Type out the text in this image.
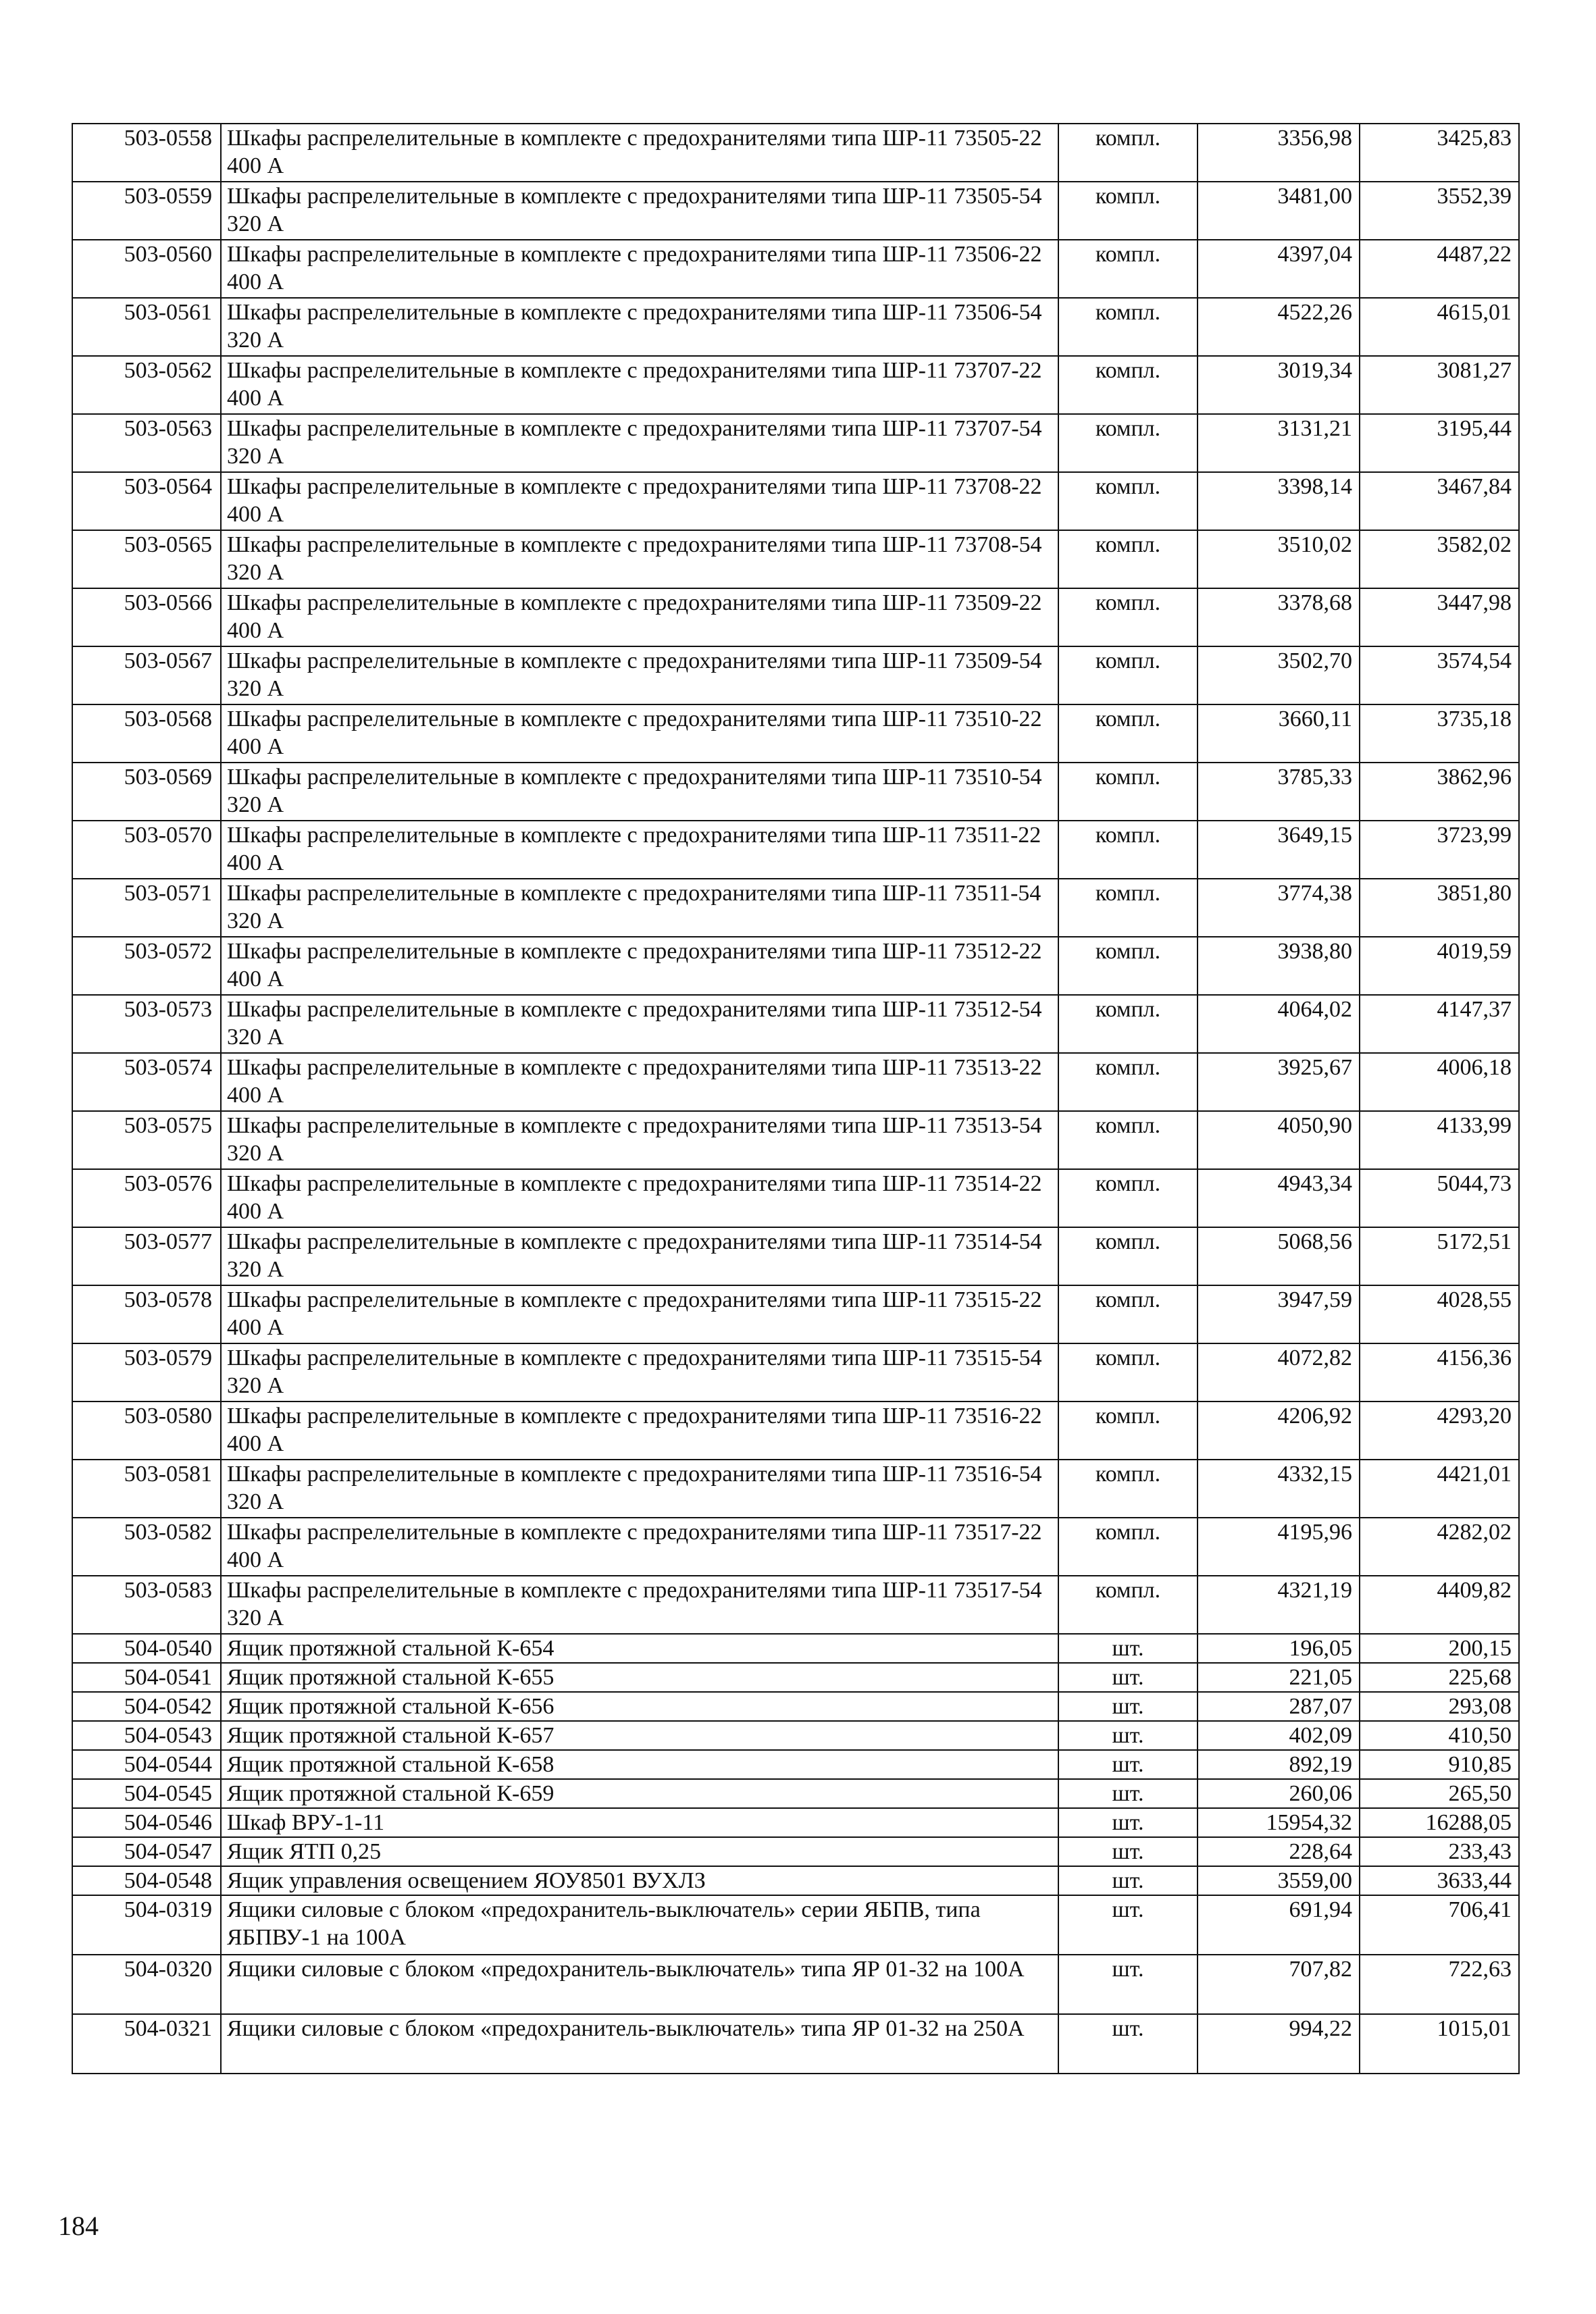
503-0558	Шкафы распрелелительные в комплекте с предохранителями типа ШР-11 73505-22 400 А	компл.	3356,98	3425,83
503-0559	Шкафы распрелелительные в комплекте с предохранителями типа ШР-11 73505-54 320 А	компл.	3481,00	3552,39
503-0560	Шкафы распрелелительные в комплекте с предохранителями типа ШР-11 73506-22 400 А	компл.	4397,04	4487,22
503-0561	Шкафы распрелелительные в комплекте с предохранителями типа ШР-11 73506-54 320 А	компл.	4522,26	4615,01
503-0562	Шкафы распрелелительные в комплекте с предохранителями типа ШР-11 73707-22 400 А	компл.	3019,34	3081,27
503-0563	Шкафы распрелелительные в комплекте с предохранителями типа ШР-11 73707-54 320 А	компл.	3131,21	3195,44
503-0564	Шкафы распрелелительные в комплекте с предохранителями типа ШР-11 73708-22 400 А	компл.	3398,14	3467,84
503-0565	Шкафы распрелелительные в комплекте с предохранителями типа ШР-11 73708-54 320 А	компл.	3510,02	3582,02
503-0566	Шкафы распрелелительные в комплекте с предохранителями типа ШР-11 73509-22 400 А	компл.	3378,68	3447,98
503-0567	Шкафы распрелелительные в комплекте с предохранителями типа ШР-11 73509-54 320 А	компл.	3502,70	3574,54
503-0568	Шкафы распрелелительные в комплекте с предохранителями типа ШР-11 73510-22 400 А	компл.	3660,11	3735,18
503-0569	Шкафы распрелелительные в комплекте с предохранителями типа ШР-11 73510-54 320 А	компл.	3785,33	3862,96
503-0570	Шкафы распрелелительные в комплекте с предохранителями типа ШР-11 73511-22 400 А	компл.	3649,15	3723,99
503-0571	Шкафы распрелелительные в комплекте с предохранителями типа ШР-11 73511-54 320 А	компл.	3774,38	3851,80
503-0572	Шкафы распрелелительные в комплекте с предохранителями типа ШР-11 73512-22 400 А	компл.	3938,80	4019,59
503-0573	Шкафы распрелелительные в комплекте с предохранителями типа ШР-11 73512-54 320 А	компл.	4064,02	4147,37
503-0574	Шкафы распрелелительные в комплекте с предохранителями типа ШР-11 73513-22 400 А	компл.	3925,67	4006,18
503-0575	Шкафы распрелелительные в комплекте с предохранителями типа ШР-11 73513-54 320 А	компл.	4050,90	4133,99
503-0576	Шкафы распрелелительные в комплекте с предохранителями типа ШР-11 73514-22 400 А	компл.	4943,34	5044,73
503-0577	Шкафы распрелелительные в комплекте с предохранителями типа ШР-11 73514-54 320 А	компл.	5068,56	5172,51
503-0578	Шкафы распрелелительные в комплекте с предохранителями типа ШР-11 73515-22 400 А	компл.	3947,59	4028,55
503-0579	Шкафы распрелелительные в комплекте с предохранителями типа ШР-11 73515-54 320 А	компл.	4072,82	4156,36
503-0580	Шкафы распрелелительные в комплекте с предохранителями типа ШР-11 73516-22 400 А	компл.	4206,92	4293,20
503-0581	Шкафы распрелелительные в комплекте с предохранителями типа ШР-11 73516-54 320 А	компл.	4332,15	4421,01
503-0582	Шкафы распрелелительные в комплекте с предохранителями типа ШР-11 73517-22 400 А	компл.	4195,96	4282,02
503-0583	Шкафы распрелелительные в комплекте с предохранителями типа ШР-11 73517-54 320 А	компл.	4321,19	4409,82
504-0540	Ящик протяжной стальной К-654	шт.	196,05	200,15
504-0541	Ящик протяжной стальной К-655	шт.	221,05	225,68
504-0542	Ящик протяжной стальной К-656	шт.	287,07	293,08
504-0543	Ящик протяжной стальной К-657	шт.	402,09	410,50
504-0544	Ящик протяжной стальной К-658	шт.	892,19	910,85
504-0545	Ящик протяжной стальной К-659	шт.	260,06	265,50
504-0546	Шкаф ВРУ-1-11	шт.	15954,32	16288,05
504-0547	Ящик ЯТП 0,25	шт.	228,64	233,43
504-0548	Ящик управления освещением ЯОУ8501 ВУХЛЗ	шт.	3559,00	3633,44
504-0319	Ящики силовые с блоком «предохранитель-выключатель» серии ЯБПВ, типа ЯБПВУ-1 на 100А	шт.	691,94	706,41
504-0320	Ящики силовые с блоком «предохранитель-выключатель» типа ЯР 01-32 на 100А	шт.	707,82	722,63
504-0321	Ящики силовые с блоком «предохранитель-выключатель» типа ЯР 01-32 на 250А	шт.	994,22	1015,01
184
